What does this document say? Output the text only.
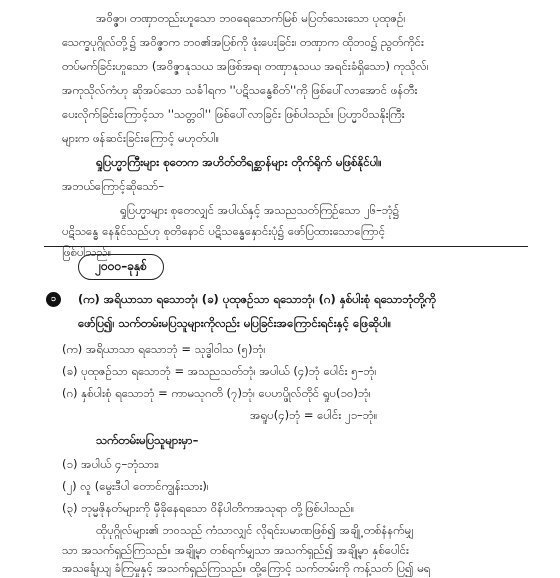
အဝိဇ္ဇာ၊ တဏှာတည်းဟူသော ဘဝရေသောက်မြစ် မပြတ်သေးသော ပုထုဇဉ်၊
သေက္ခပုဂ္ဂိုလ်တို့၌ အဝိဇ္ဇာက ဘဝ၏အပြစ်ကို ဖုံးပေးခြင်း၊ တဏှာက ထိုဘဝ၌ ညွတ်ကိုင်း
တပ်မက်ခြင်းဟူသော (အဝိဇ္ဇာနုသယ အဖြစ်အရ၊ တဏှာနုသယ အရင်းခံရှိသော) ကုသိုလ်၊
အကုသိုလ်ကံဟု ဆိုအပ်သော သင်္ခါရက ''ပဋိသန္ဓေစိတ်''ကို ဖြစ်ပေါ်လာအောင် ဖန်တီး
ပေးလိုက်ခြင်းကြောင့်သာ ''သတ္တဝါ'' ဖြစ်ပေါ်လာခြင်း ဖြစ်ပါသည်။ ပြဟ္မာပိသနိုးကြီး
များက ဖန်ဆင်းခြင်းကြောင့် မဟုတ်ပါ။
ရှုပြဟ္မာကြီးများ စုတေက အဟိတ်တိရစ္ဆာန်များ တိုက်ရိုက် မဖြစ်နိုင်ပါ။
အဘယ်ကြောင့်ဆိုသော်–
ရှုပြဟ္မာများ စုတေလျှင် အပါယ်နှင့် အသညသတ်ကြဉ်သော ၂၆–ဘုံ၌
ပဋိသန္ဓေ နေနိုင်သည်ဟု စုတိနောင် ပဋိသန္ဓေနှောင်းပုံ၌ ဖော်ပြထားသောကြောင့်
ဖြစ်ပါသည်။
၂၀၀၀–ခုနှစ်
၁	(က) အရိယာသာ ရသောဘုံ၊ (ခ) ပုထုဇဉ်သာ ရသောဘုံ၊ (ဂ) နှစ်ပါးစုံ ရသောဘုံတို့ကို
ဖော်ပြ၍၊ သက်တမ်းမပြသူများကိုလည်း မပြခြင်းအကြောင်းရင်းနှင့် ဖြေဆိုပါ။
(က) အရိယာသာ ရသောဘုံ = သုဒ္ဓါဝါသ (၅)ဘုံ၊
(ခ) ပုထုဇဉ်သာ ရသောဘုံ = အသညသတ်ဘုံ၊ အပါယ် (၄)ဘုံ ပေါင်း ၅–ဘုံ၊
(ဂ) နှစ်ပါးစုံ ရသောဘုံ = ကာမသုဂတိ (၇)ဘုံ၊ ပေဟပ္ဖိုလ်တိုင် ရှုပ(၁၀)ဘုံ၊
အရူပ(၄)ဘုံ = ပေါင်း ၂၁–ဘုံ။
သက်တမ်းမပြသူများမှာ–
(၁) အပါယ် ၄–ဘုံသား၊
(၂) လူ (မွေးဒီပါ တောင်ကျွန်းသား)၊
(၃) ဘုမ္မဇိုနတ်များကို မှီခိုနေရသော ဝိနိပါတိကအသုရာ တို့ဖြစ်ပါသည်။
ထိုပုဂ္ဂိုလ်များ၏ ဘဝသည် ကံသာလျှင် လိုရင်းပမာဏဖြစ်၍ အချို့ တစ်နံနက်မျှ
သာ အသက်ရှည်ကြသည်။ အချို့မှာ တစ်ရက်မျှသာ အသက်ရှည်၍ အချို့မှာ နှစ်ပေါင်း
အသင်္ချေယျ ခံကြမှုနှင့် အသက်ရှည်ကြသည်။ ထို့ကြောင့် သက်တမ်းကို ကန့်သတ် ပြ၍ မရ
